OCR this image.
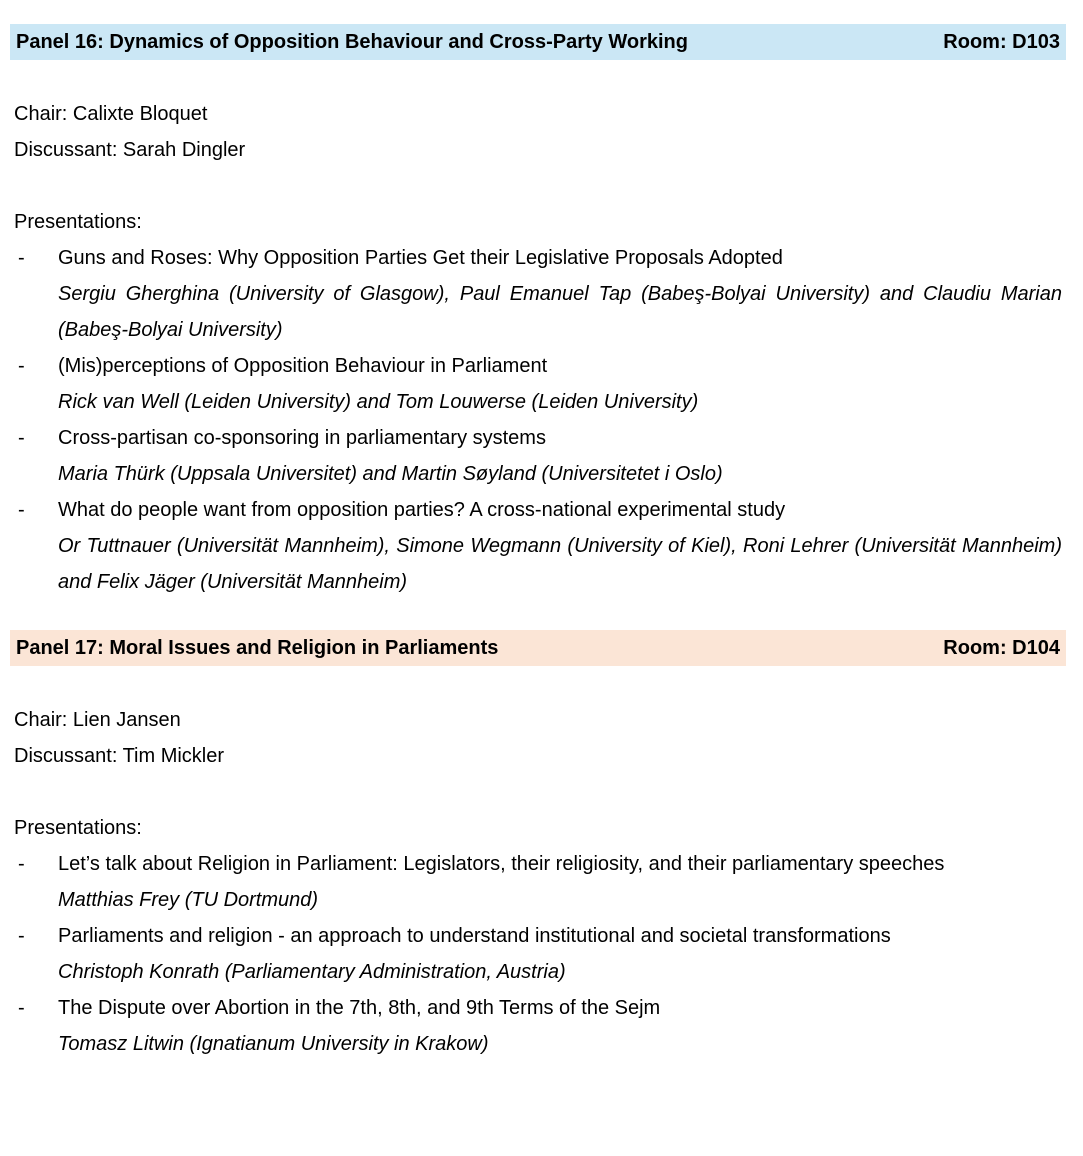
Panel 16: Dynamics of Opposition Behaviour and Cross-Party Working	Room: D103

Chair: Calixte Bloquet

Discussant: Sarah Dingler

Presentations:

-	Guns and Roses: Why Opposition Parties Get their Legislative Proposals Adopted
Sergiu Gherghina (University of Glasgow), Paul Emanuel Tap (Babeş-Bolyai University) and Claudiu Marian (Babeş-Bolyai University)
-	(Mis)perceptions of Opposition Behaviour in Parliament
Rick van Well (Leiden University) and Tom Louwerse (Leiden University)
-	Cross-partisan co-sponsoring in parliamentary systems
Maria Thürk (Uppsala Universitet) and Martin Søyland (Universitetet i Oslo)
-	What do people want from opposition parties? A cross-national experimental study
Or Tuttnauer (Universität Mannheim), Simone Wegmann (University of Kiel), Roni Lehrer (Universität Mannheim) and Felix Jäger (Universität Mannheim)
Panel 17: Moral Issues and Religion in Parliaments	Room: D104

Chair: Lien Jansen

Discussant: Tim Mickler

Presentations:

-	Let’s talk about Religion in Parliament: Legislators, their religiosity, and their parliamentary speeches
Matthias Frey (TU Dortmund)
-	Parliaments and religion - an approach to understand institutional and societal transformations
Christoph Konrath (Parliamentary Administration, Austria)
-	The Dispute over Abortion in the 7th, 8th, and 9th Terms of the Sejm
Tomasz Litwin (Ignatianum University in Krakow)
